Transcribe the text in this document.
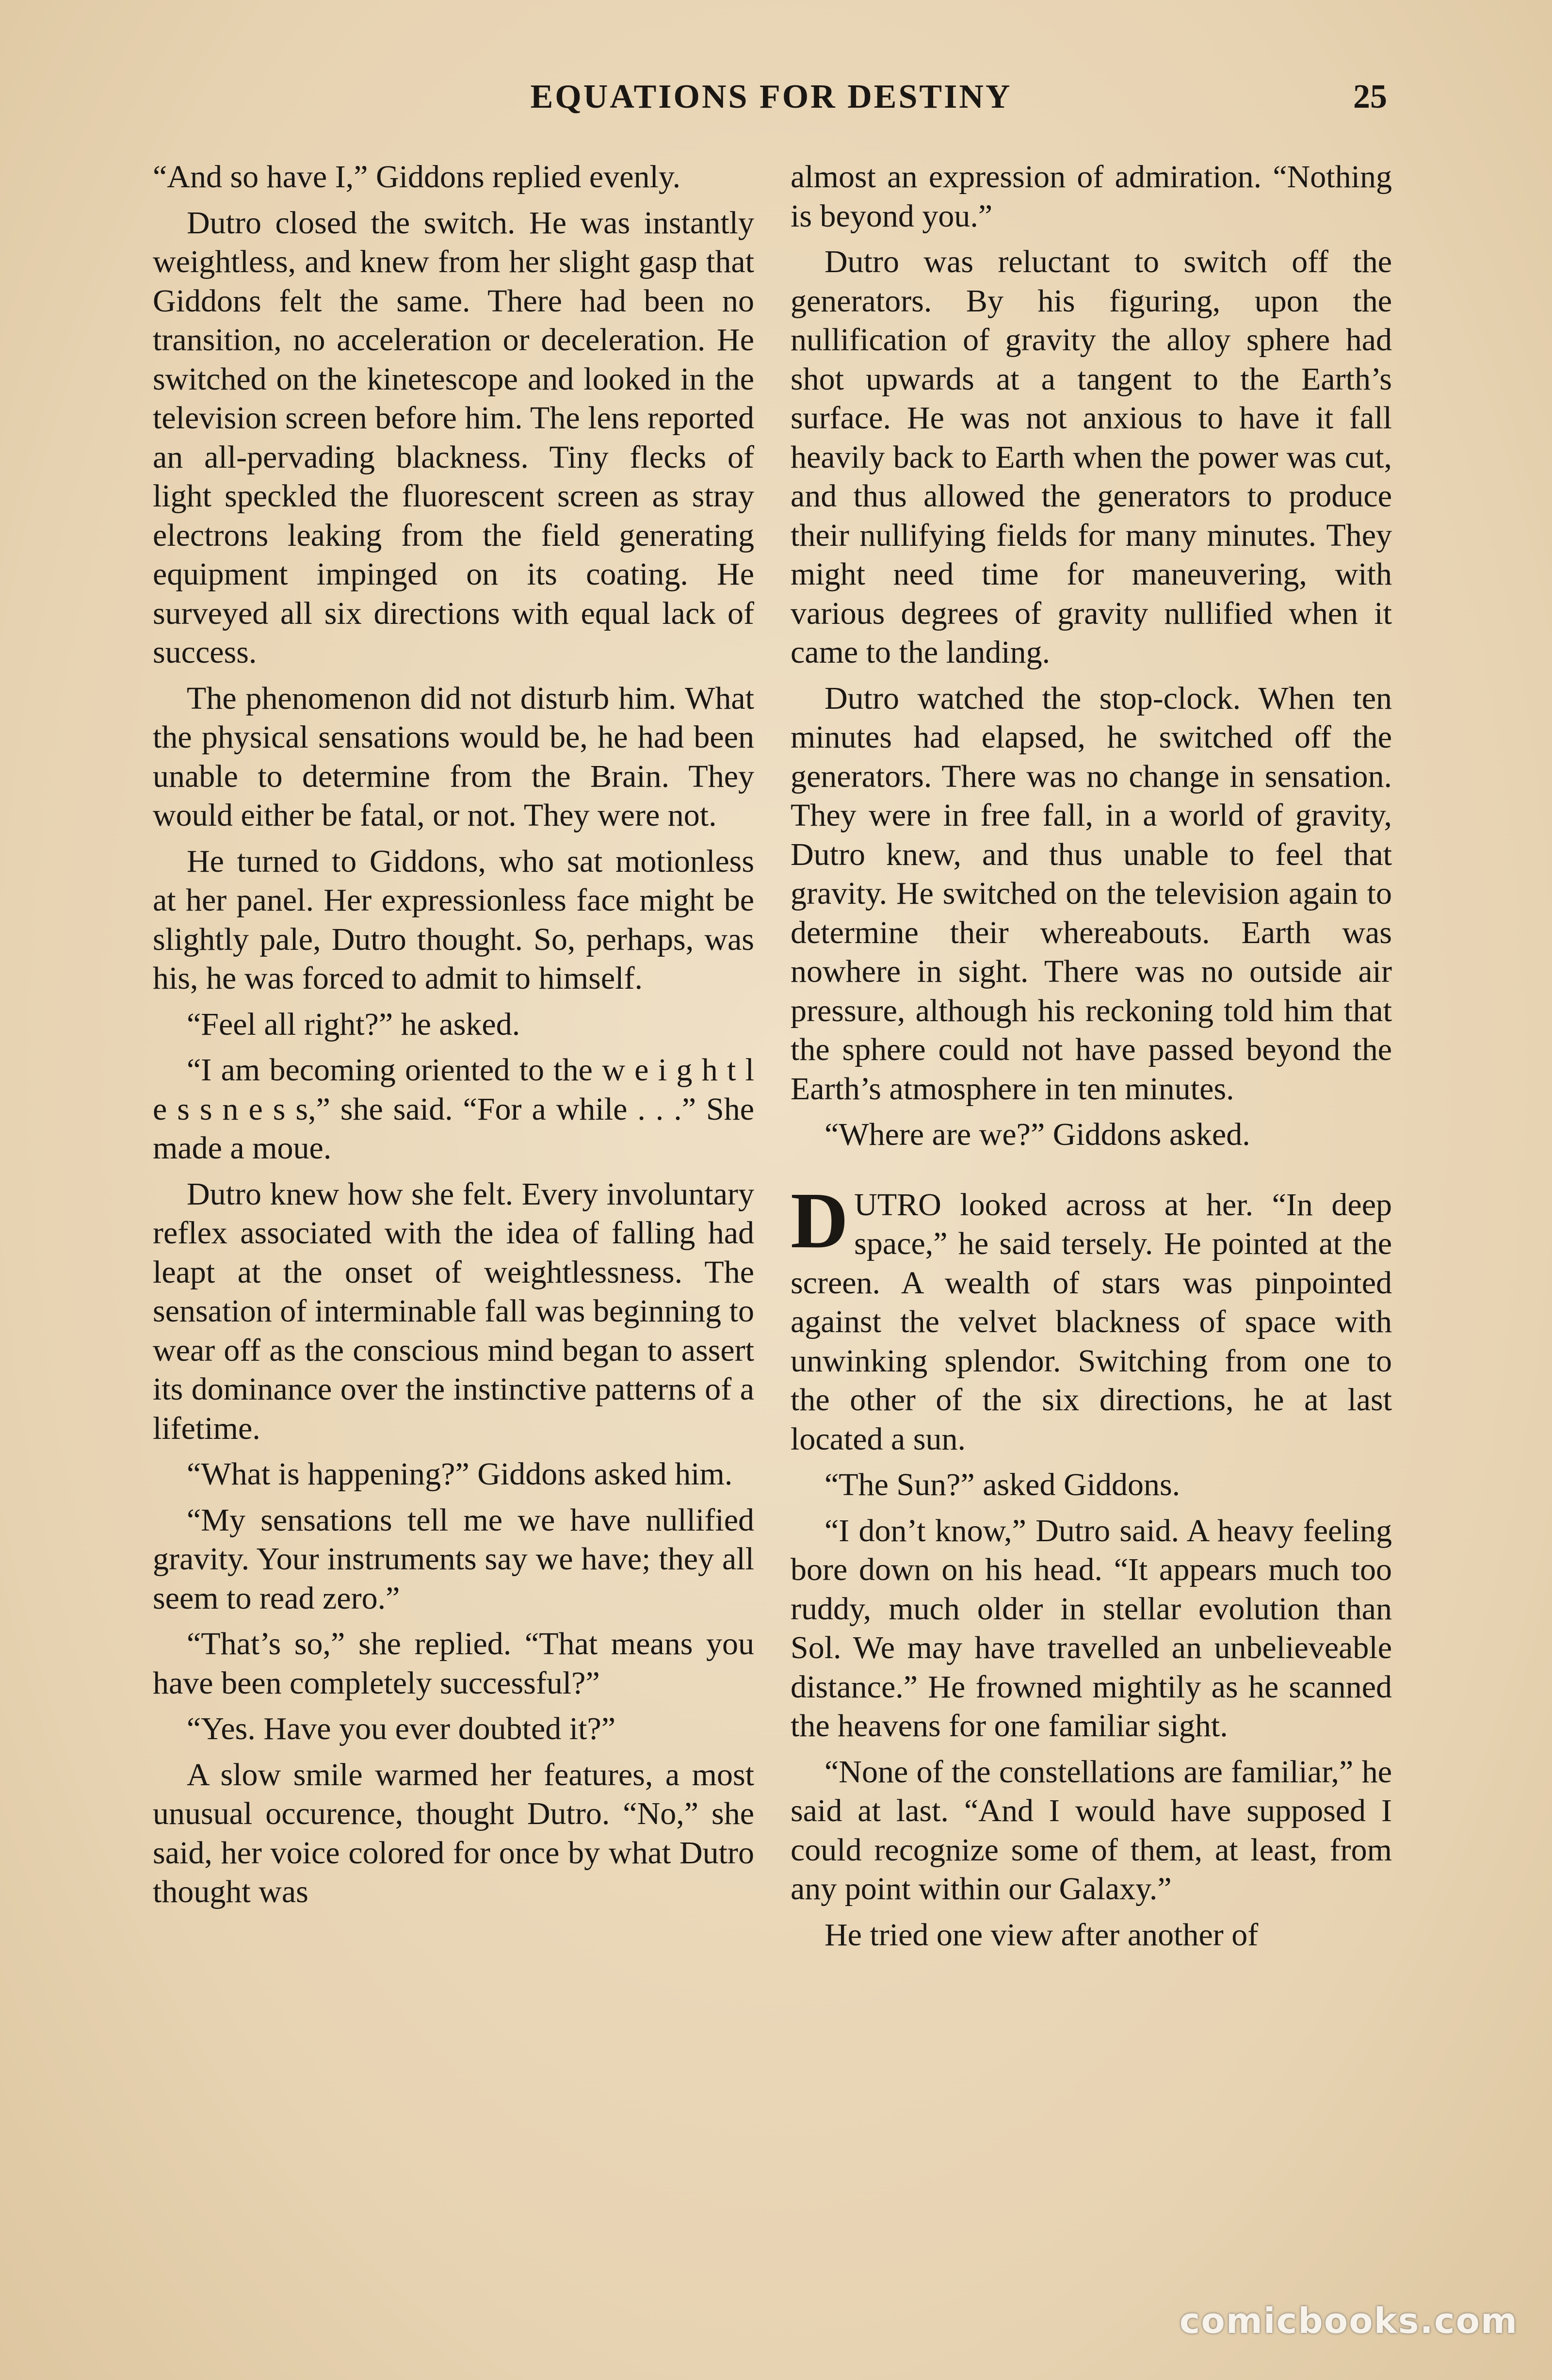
EQUATIONS FOR DESTINY	25

“And so have I,” Giddons replied evenly.

Dutro closed the switch. He was instantly weightless, and knew from her slight gasp that Giddons felt the same. There had been no transition, no acceleration or deceleration. He switched on the kinetescope and looked in the television screen before him. The lens reported an all-pervading blackness. Tiny flecks of light speckled the fluorescent screen as stray electrons leaking from the field generating equipment impinged on its coating. He surveyed all six directions with equal lack of success.

The phenomenon did not disturb him. What the physical sensations would be, he had been unable to determine from the Brain. They would either be fatal, or not. They were not.

He turned to Giddons, who sat motionless at her panel. Her expressionless face might be slightly pale, Dutro thought. So, perhaps, was his, he was forced to admit to himself.

“Feel all right?” he asked.

“I am becoming oriented to the w e i g h t l e s s n e s s,” she said. “For a while . . .” She made a moue.

Dutro knew how she felt. Every involuntary reflex associated with the idea of falling had leapt at the onset of weightlessness. The sensation of interminable fall was beginning to wear off as the conscious mind began to assert its dominance over the instinctive patterns of a lifetime.

“What is happening?” Giddons asked him.

“My sensations tell me we have nullified gravity. Your instruments say we have; they all seem to read zero.”

“That’s so,” she replied. “That means you have been completely successful?”

“Yes. Have you ever doubted it?”

A slow smile warmed her features, a most unusual occurence, thought Dutro. “No,” she said, her voice colored for once by what Dutro thought was

almost an expression of admiration. “Nothing is beyond you.”

Dutro was reluctant to switch off the generators. By his figuring, upon the nullification of gravity the alloy sphere had shot upwards at a tangent to the Earth’s surface. He was not anxious to have it fall heavily back to Earth when the power was cut, and thus allowed the generators to produce their nullifying fields for many minutes. They might need time for maneuvering, with various degrees of gravity nullified when it came to the landing.

Dutro watched the stop-clock. When ten minutes had elapsed, he switched off the generators. There was no change in sensation. They were in free fall, in a world of gravity, Dutro knew, and thus unable to feel that gravity. He switched on the television again to determine their whereabouts. Earth was nowhere in sight. There was no outside air pressure, although his reckoning told him that the sphere could not have passed beyond the Earth’s atmosphere in ten minutes.

“Where are we?” Giddons asked.

DUTRO looked across at her. “In deep space,” he said tersely. He pointed at the screen. A wealth of stars was pinpointed against the velvet blackness of space with unwinking splendor. Switching from one to the other of the six directions, he at last located a sun.

“The Sun?” asked Giddons.

“I don’t know,” Dutro said. A heavy feeling bore down on his head. “It appears much too ruddy, much older in stellar evolution than Sol. We may have travelled an unbelieveable distance.” He frowned mightily as he scanned the heavens for one familiar sight.

“None of the constellations are familiar,” he said at last. “And I would have supposed I could recognize some of them, at least, from any point within our Galaxy.”

He tried one view after another of

comicbooks.com
